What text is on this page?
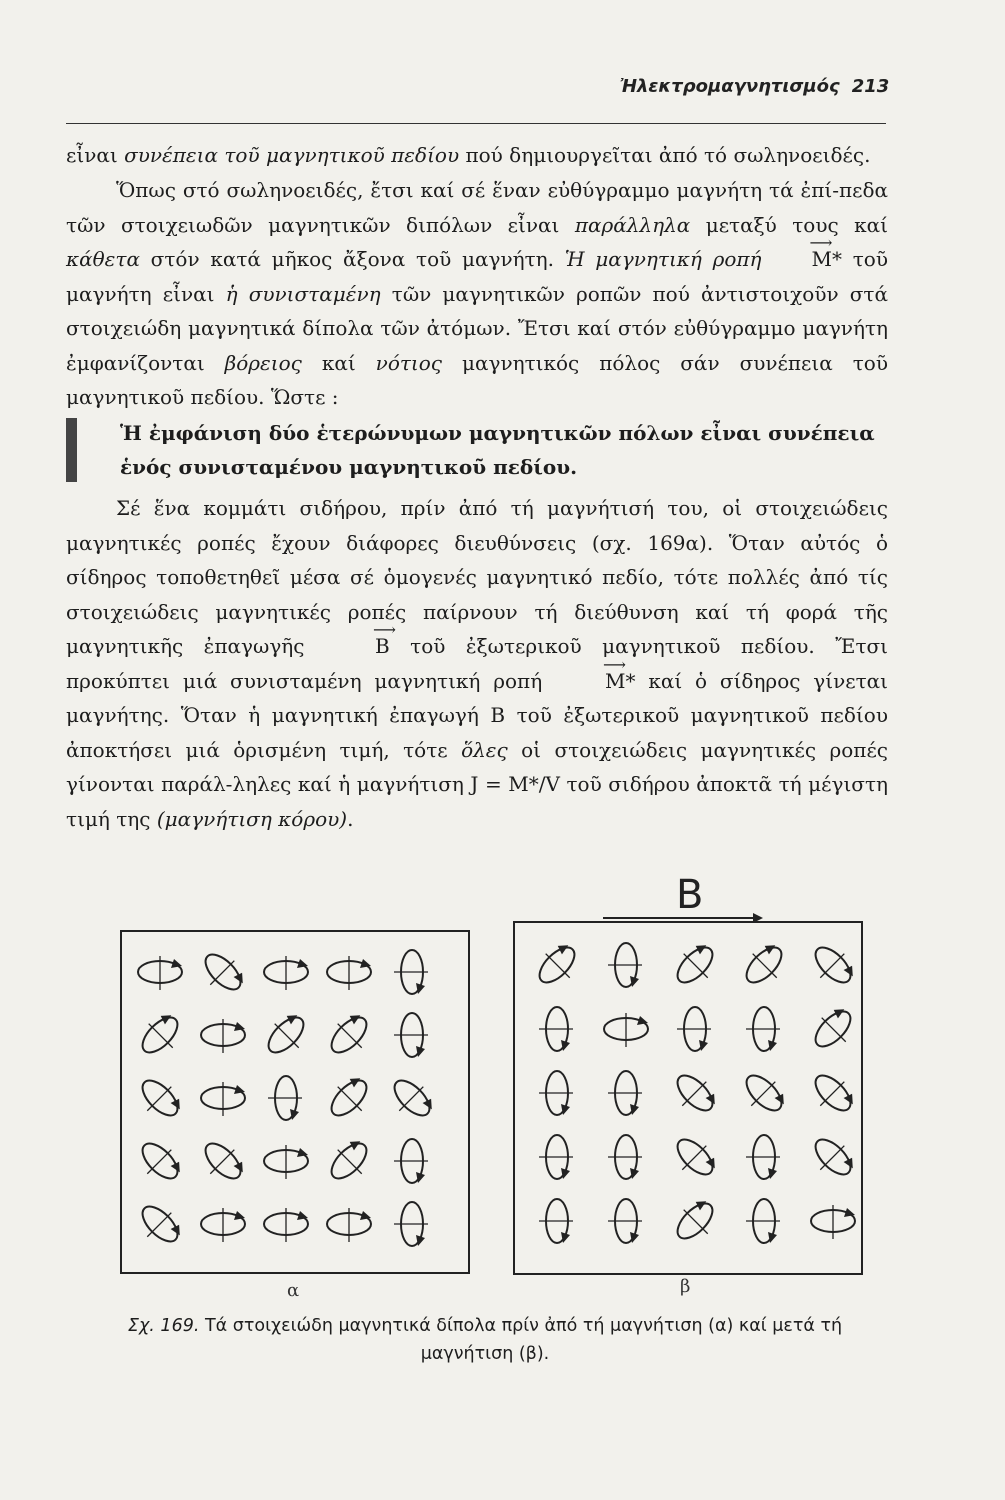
Ἠλεκτρομαγνητισμός 213

εἶναι συνέπεια τοῦ μαγνητικοῦ πεδίου πού δημιουργεῖται ἀπό τό σωληνοειδές.

Ὅπως στό σωληνοειδές, ἔτσι καί σέ ἕναν εὐθύγραμμο μαγνήτη τά ἐπί-πεδα τῶν στοιχειωδῶν μαγνητικῶν διπόλων εἶναι παράλληλα μεταξύ τους καί κάθετα στόν κατά μῆκος ἄξονα τοῦ μαγνήτη. Ἡ μαγνητική ροπή	⟶ M* τοῦ μαγνήτη εἶναι ἡ συνισταμένη τῶν μαγνητικῶν ροπῶν πού ἀντιστοιχοῦν στά στοιχειώδη μαγνητικά δίπολα τῶν ἀτόμων. Ἔτσι καί στόν εὐθύγραμμο μαγνήτη ἐμφανίζονται βόρειος καί νότιος μαγνητικός πόλος σάν συνέπεια τοῦ μαγνητικοῦ πεδίου. Ὥστε :

Ἡ ἐμφάνιση δύο ἑτερώνυμων μαγνητικῶν πόλων εἶναι συνέπεια ἑνός συνισταμένου μαγνητικοῦ πεδίου.

Σέ ἕνα κομμάτι σιδήρου, πρίν ἀπό τή μαγνήτισή του, οἱ στοιχειώδεις μαγνητικές ροπές ἔχουν διάφορες διευθύνσεις (σχ. 169α). Ὅταν αὐτός ὁ σίδηρος τοποθετηθεῖ μέσα σέ ὁμογενές μαγνητικό πεδίο, τότε πολλές ἀπό τίς στοιχειώδεις μαγνητικές ροπές παίρνουν τή διεύθυνση καί τή φορά τῆς μαγνητικῆς ἐπαγωγῆς	⟶ B τοῦ ἐξωτερικοῦ μαγνητικοῦ πεδίου. Ἔτσι προκύπτει μιά συνισταμένη μαγνητική ροπή	⟶ M* καί ὁ σίδηρος γίνεται μαγνήτης. Ὅταν ἡ μαγνητική ἐπαγωγή B τοῦ ἐξωτερικοῦ μαγνητικοῦ πεδίου ἀποκτήσει μιά ὁρισμένη τιμή, τότε ὅλες οἱ στοιχειώδεις μαγνητικές ροπές γίνονται παράλ-ληλες καί ἡ μαγνήτιση J = M*/V τοῦ σιδήρου ἀποκτᾶ τή μέγιστη τιμή της (μαγνήτιση κόρου).

B
α	β
Σχ. 169. Τά στοιχειώδη μαγνητικά δίπολα πρίν ἀπό τή μαγνήτιση (α) καί μετά τή μαγνήτιση (β).
